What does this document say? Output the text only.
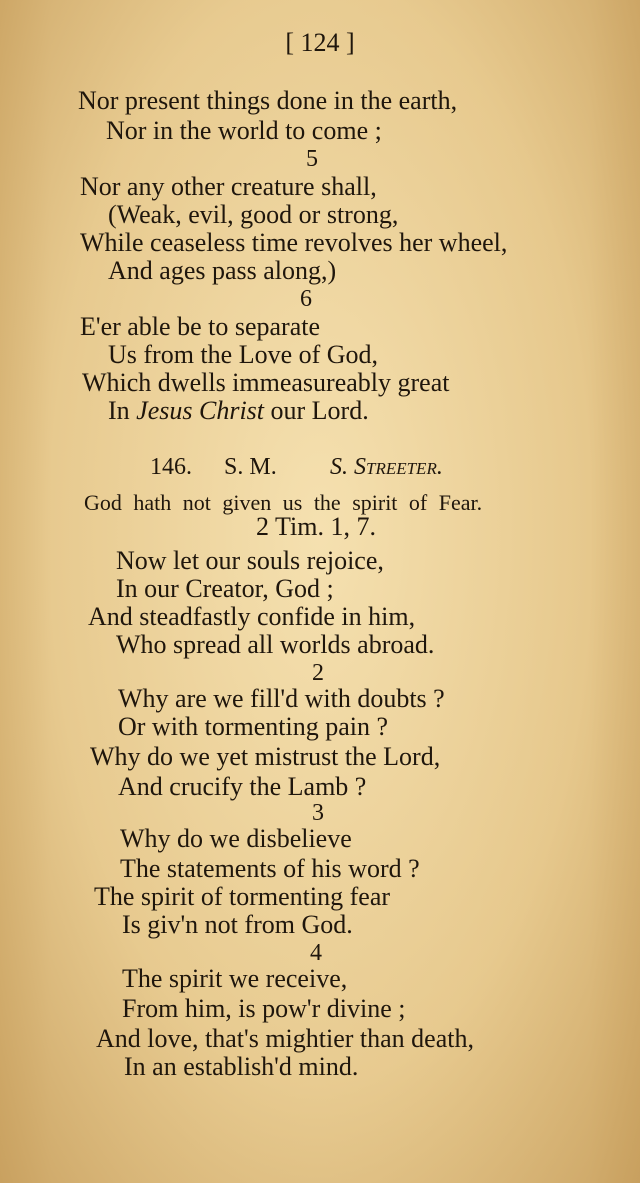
[ 124 ]
Nor present things done in the earth,
Nor in the world to come ;
5
Nor any other creature shall,
(Weak, evil, good or strong,
While ceaseless time revolves her wheel,
And ages pass along,)
6
E'er able be to separate
Us from the Love of God,
Which dwells immeasureably great
In Jesus Christ our Lord.
146. S. M. S. Streeter.
God hath not given us the spirit of Fear.
2 Tim. 1, 7.
Now let our souls rejoice,
In our Creator, God ;
And steadfastly confide in him,
Who spread all worlds abroad.
2
Why are we fill'd with doubts ?
Or with tormenting pain ?
Why do we yet mistrust the Lord,
And crucify the Lamb ?
3
Why do we disbelieve
The statements of his word ?
The spirit of tormenting fear
Is giv'n not from God.
4
The spirit we receive,
From him, is pow'r divine ;
And love, that's mightier than death,
In an establish'd mind.
